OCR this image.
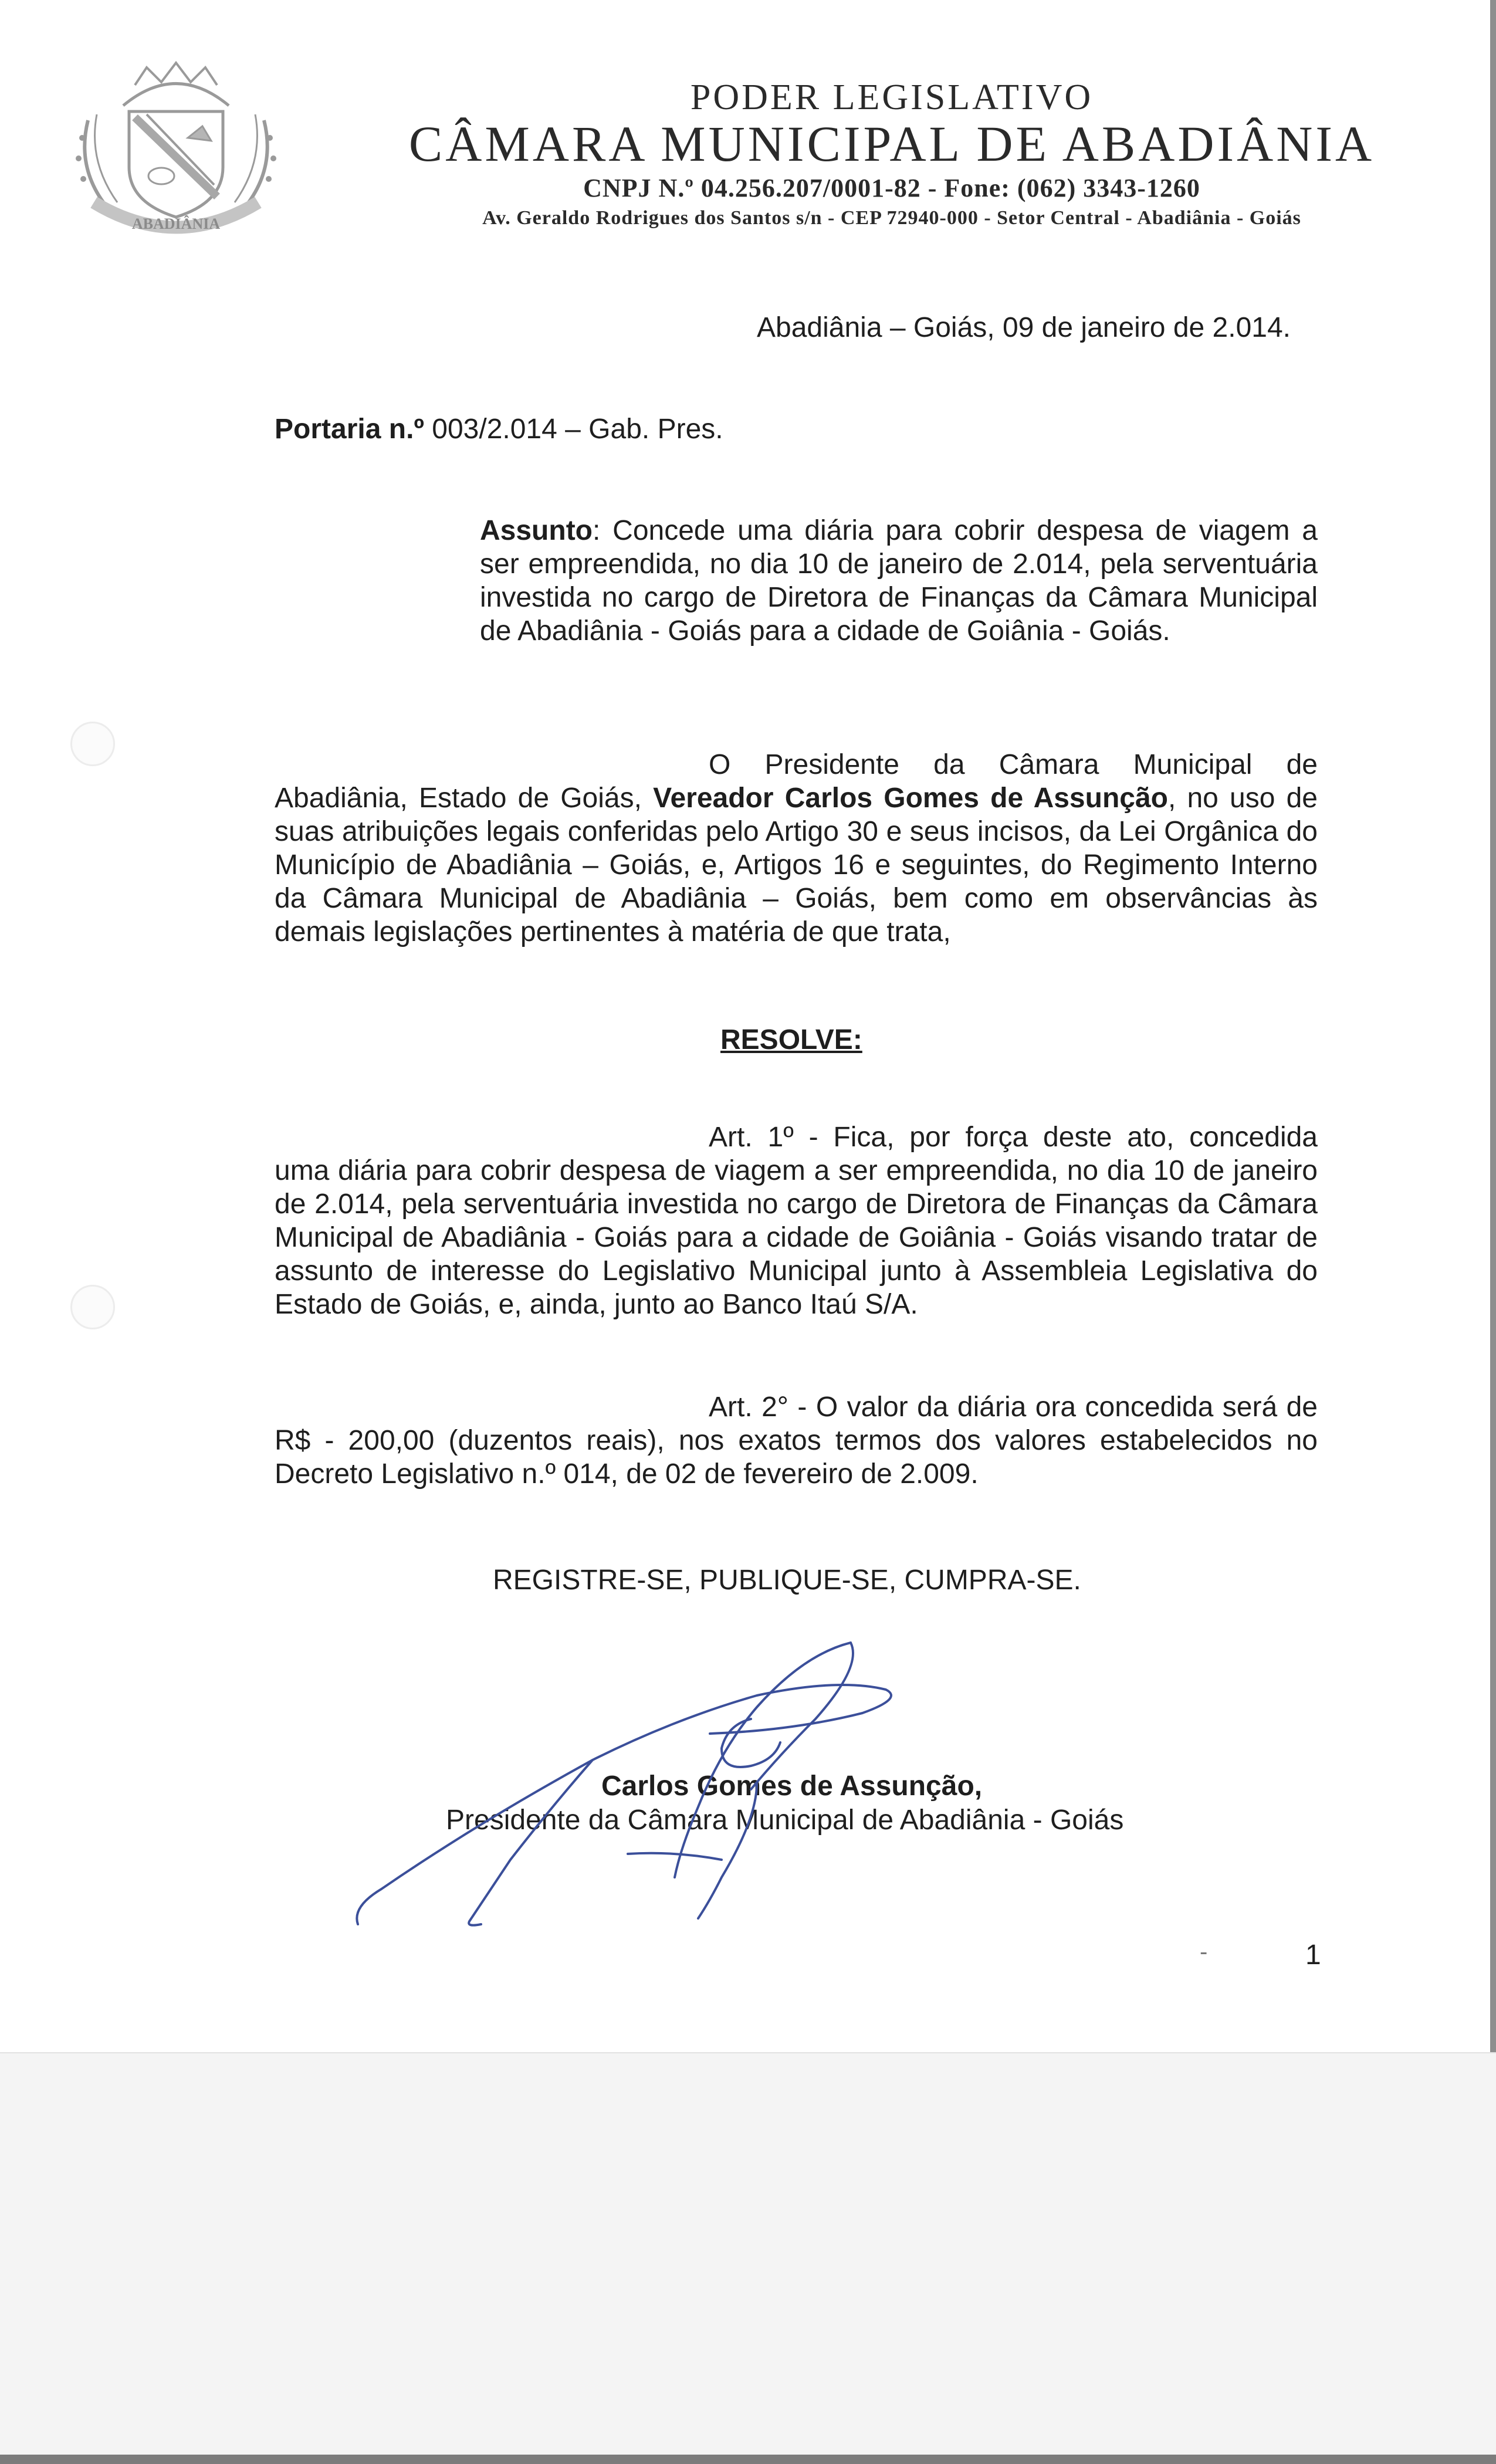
ABADIÂNIA
PODER LEGISLATIVO
CÂMARA MUNICIPAL DE ABADIÂNIA
CNPJ N.º 04.256.207/0001-82 - Fone: (062) 3343-1260
Av. Geraldo Rodrigues dos Santos s/n - CEP 72940-000 - Setor Central - Abadiânia - Goiás
Abadiânia – Goiás, 09 de janeiro de 2.014.
Portaria n.º 003/2.014 – Gab. Pres.
Assunto: Concede uma diária para cobrir despesa de viagem a ser empreendida, no dia 10 de janeiro de 2.014, pela serventuária investida no cargo de Diretora de Finanças da Câmara Municipal de Abadiânia - Goiás para a cidade de Goiânia - Goiás.
O Presidente da Câmara Municipal de Abadiânia, Estado de Goiás, Vereador Carlos Gomes de Assunção, no uso de suas atribuições legais conferidas pelo Artigo 30 e seus incisos, da Lei Orgânica do Município de Abadiânia – Goiás, e, Artigos 16 e seguintes, do Regimento Interno da Câmara Municipal de Abadiânia – Goiás, bem como em observâncias às demais legislações pertinentes à matéria de que trata,
RESOLVE:
Art. 1º - Fica, por força deste ato, concedida uma diária para cobrir despesa de viagem a ser empreendida, no dia 10 de janeiro de 2.014, pela serventuária investida no cargo de Diretora de Finanças da Câmara Municipal de Abadiânia - Goiás para a cidade de Goiânia - Goiás visando tratar de assunto de interesse do Legislativo Municipal junto à Assembleia Legislativa do Estado de Goiás, e, ainda, junto ao Banco Itaú S/A.
Art. 2° - O valor da diária ora concedida será de R$ - 200,00 (duzentos reais), nos exatos termos dos valores estabelecidos no Decreto Legislativo n.º 014, de 02 de fevereiro de 2.009.
REGISTRE-SE, PUBLIQUE-SE, CUMPRA-SE.
Carlos Gomes de Assunção,
Presidente da Câmara Municipal de Abadiânia - Goiás
-	1
